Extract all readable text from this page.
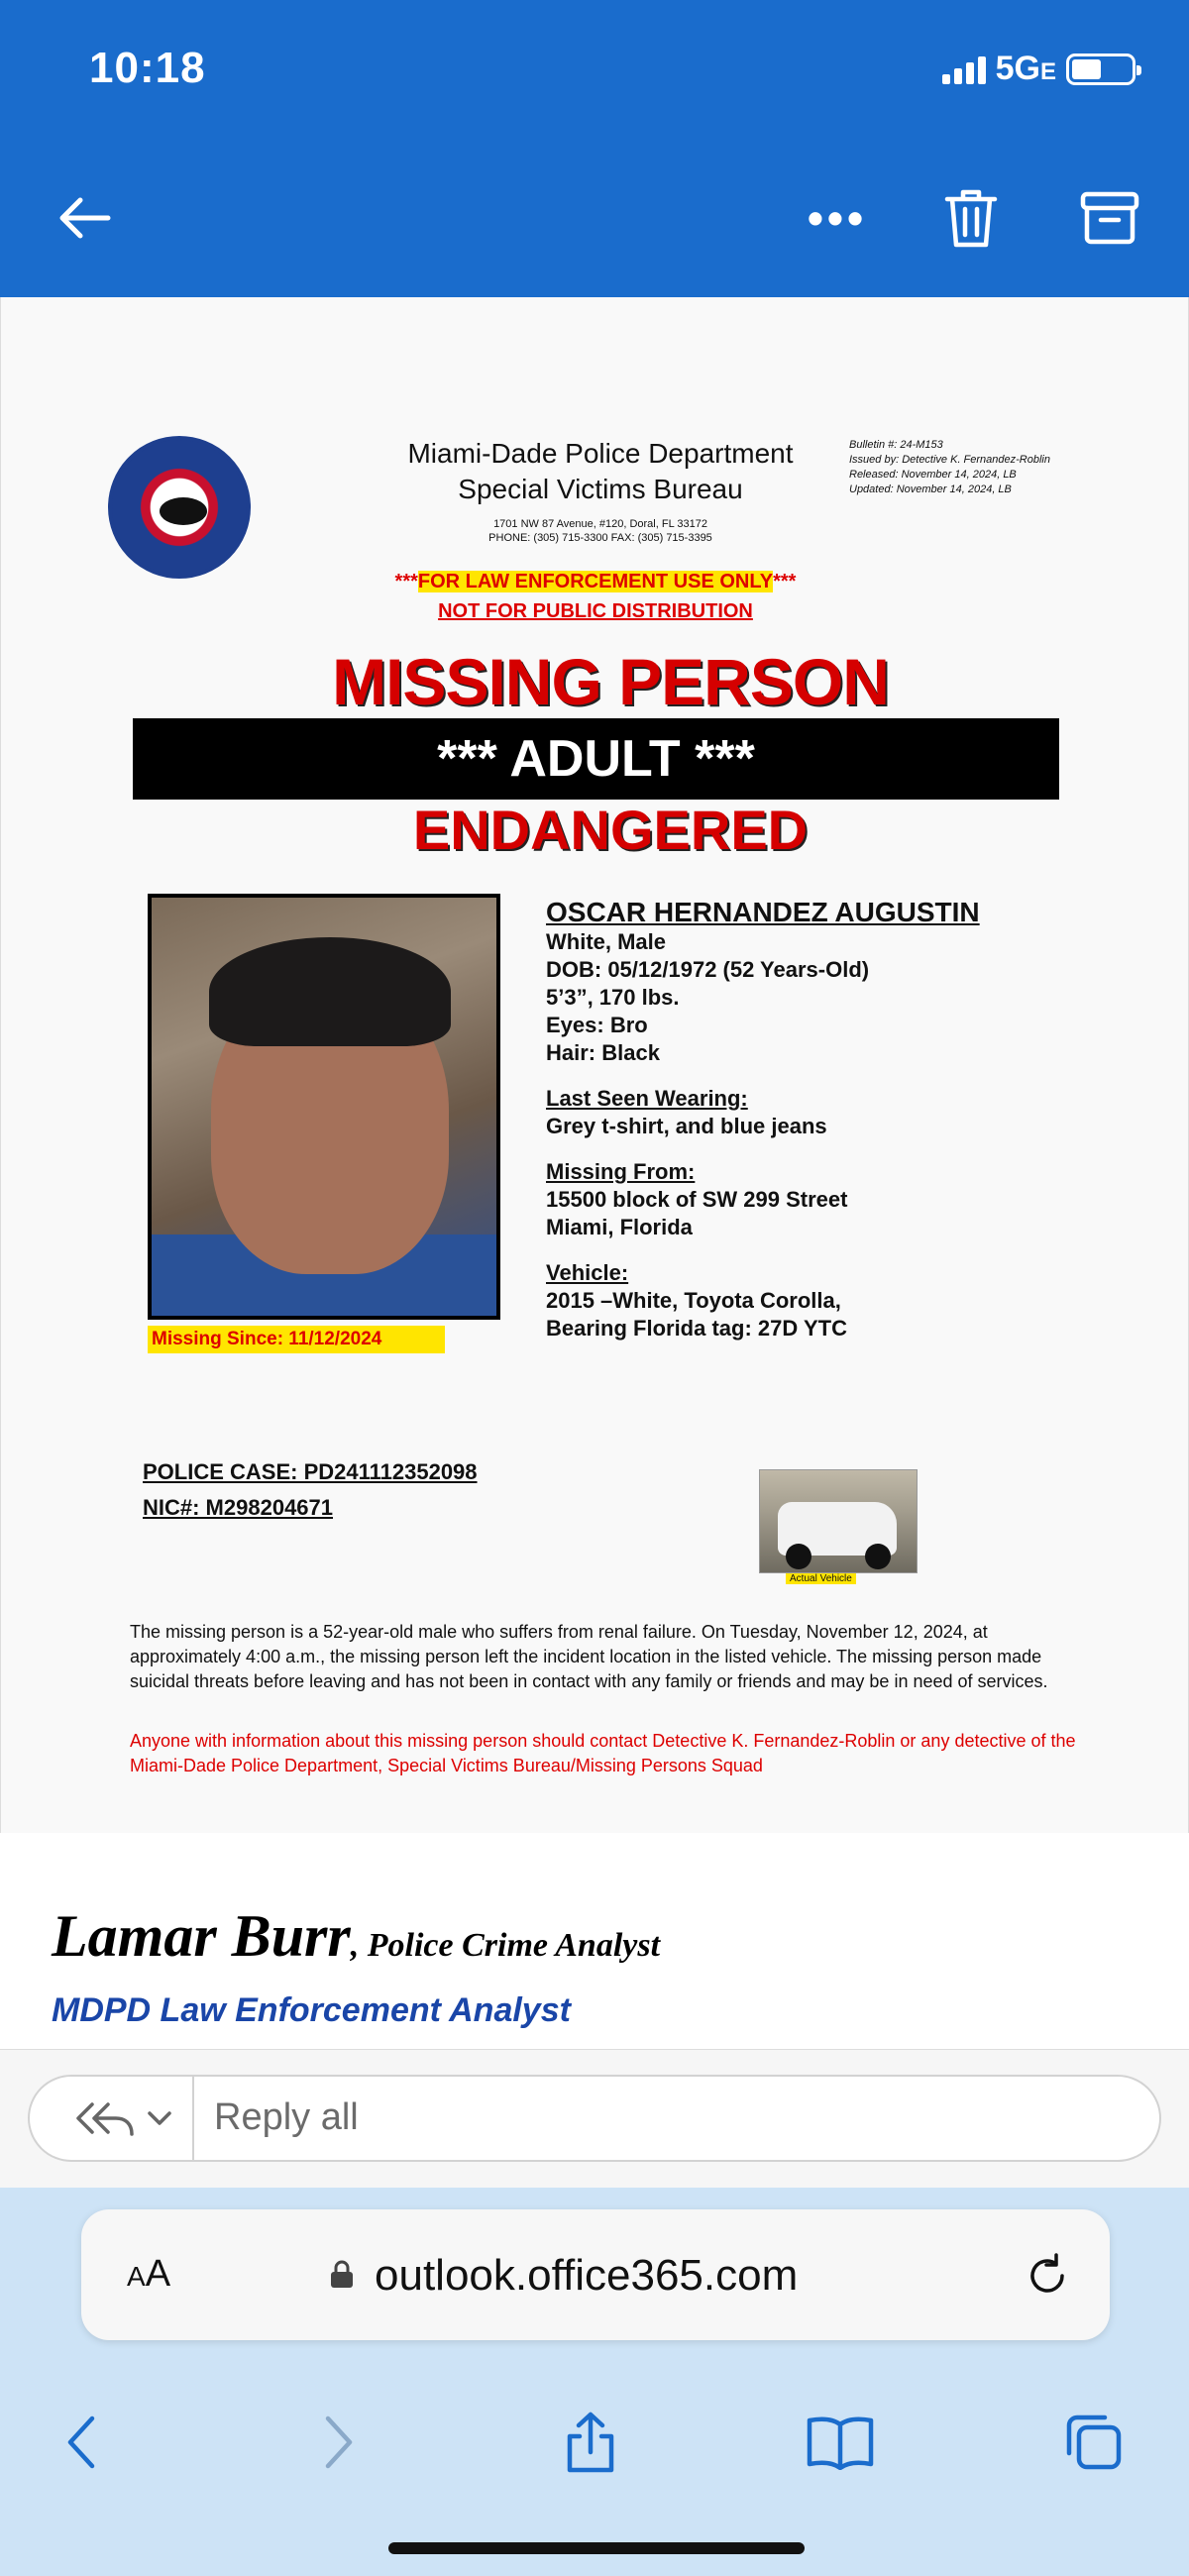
10:18	5GE
•••
Miami-Dade Police Department
Special Victims Bureau
1701 NW 87 Avenue, #120, Doral, FL 33172
PHONE: (305) 715-3300 FAX: (305) 715-3395
Bulletin #: 24-M153
Issued by: Detective K. Fernandez-Roblin
Released: November 14, 2024, LB
Updated: November 14, 2024, LB
***FOR LAW ENFORCEMENT USE ONLY***
NOT FOR PUBLIC DISTRIBUTION
MISSING PERSON
*** ADULT ***
ENDANGERED
Missing Since: 11/12/2024
OSCAR HERNANDEZ AUGUSTIN
White, Male
DOB: 05/12/1972 (52 Years-Old)
5’3”, 170 lbs.
Eyes: Bro
Hair: Black
Last Seen Wearing:
Grey t-shirt, and blue jeans
Missing From:
15500 block of SW 299 Street
Miami, Florida
Vehicle:
2015 –White, Toyota Corolla,
Bearing Florida tag: 27D YTC
POLICE CASE: PD241112352098
NIC#: M298204671
Actual Vehicle
The missing person is a 52-year-old male who suffers from renal failure. On Tuesday, November 12, 2024, at approximately 4:00 a.m., the missing person left the incident location in the listed vehicle. The missing person made suicidal threats before leaving and has not been in contact with any family or friends and may be in need of services.
Anyone with information about this missing person should contact Detective K. Fernandez-Roblin or any detective of the Miami-Dade Police Department, Special Victims Bureau/Missing Persons Squad
Lamar Burr, Police Crime Analyst
MDPD Law Enforcement Analyst
Reply all
AA	outlook.office365.com
